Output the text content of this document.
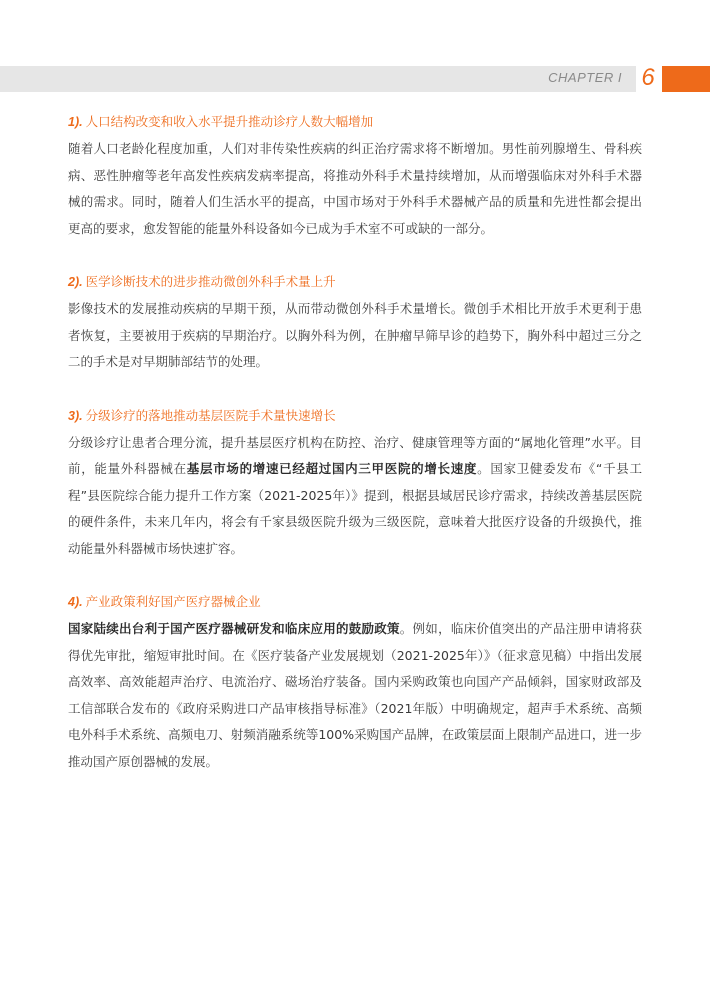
CHAPTER I 6
1). 人口结构改变和收入水平提升推动诊疗人数大幅增加

随着人口老龄化程度加重，人们对非传染性疾病的纠正治疗需求将不断增加。男性前列腺增生、骨科疾病、恶性肿瘤等老年高发性疾病发病率提高，将推动外科手术量持续增加，从而增强临床对外科手术器械的需求。同时，随着人们生活水平的提高，中国市场对于外科手术器械产品的质量和先进性都会提出更高的要求，愈发智能的能量外科设备如今已成为手术室不可或缺的一部分。

2). 医学诊断技术的进步推动微创外科手术量上升

影像技术的发展推动疾病的早期干预，从而带动微创外科手术量增长。微创手术相比开放手术更利于患者恢复，主要被用于疾病的早期治疗。以胸外科为例，在肿瘤早筛早诊的趋势下，胸外科中超过三分之二的手术是对早期肺部结节的处理。

3). 分级诊疗的落地推动基层医院手术量快速增长

分级诊疗让患者合理分流，提升基层医疗机构在防控、治疗、健康管理等方面的“属地化管理”水平。目前，能量外科器械在基层市场的增速已经超过国内三甲医院的增长速度。国家卫健委发布《“千县工程”县医院综合能力提升工作方案（2021-2025年）》提到，根据县域居民诊疗需求，持续改善基层医院的硬件条件，未来几年内，将会有千家县级医院升级为三级医院，意味着大批医疗设备的升级换代，推动能量外科器械市场快速扩容。

4). 产业政策利好国产医疗器械企业

国家陆续出台利于国产医疗器械研发和临床应用的鼓励政策。例如，临床价值突出的产品注册申请将获得优先审批，缩短审批时间。在《医疗装备产业发展规划（2021-2025年）》（征求意见稿）中指出发展高效率、高效能超声治疗、电流治疗、磁场治疗装备。国内采购政策也向国产产品倾斜，国家财政部及工信部联合发布的《政府采购进口产品审核指导标准》（2021年版）中明确规定，超声手术系统、高频电外科手术系统、高频电刀、射频消融系统等100%采购国产品牌，在政策层面上限制产品进口，进一步推动国产原创器械的发展。
